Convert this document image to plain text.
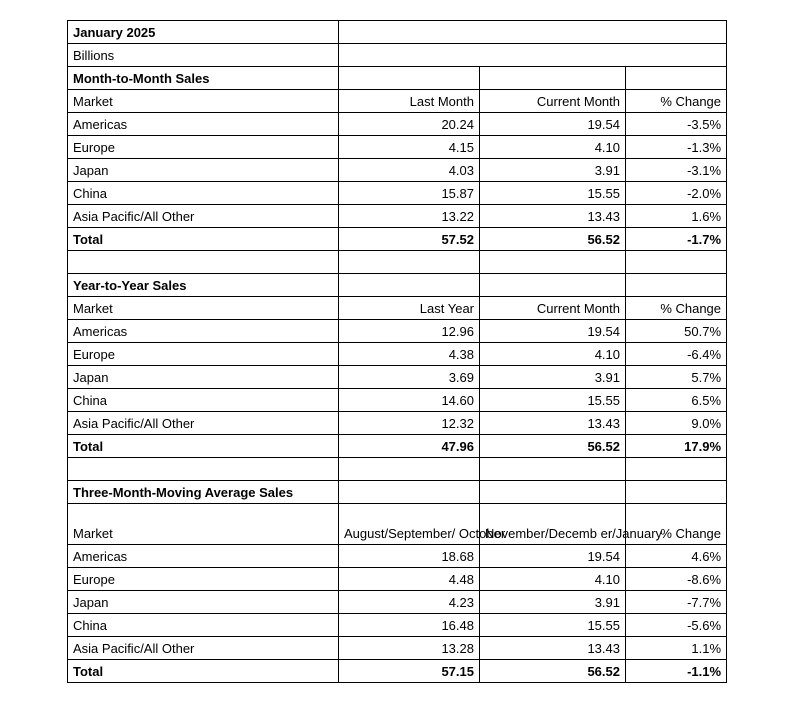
January 2025			
Billions			
Month-to-Month Sales			
Market	Last Month	Current Month	% Change
Americas	20.24	19.54	-3.5%
Europe	4.15	4.10	-1.3%
Japan	4.03	3.91	-3.1%
China	15.87	15.55	-2.0%
Asia Pacific/All Other	13.22	13.43	1.6%
Total	57.52	56.52	-1.7%

Year-to-Year Sales			
Market	Last Year	Current Month	% Change
Americas	12.96	19.54	50.7%
Europe	4.38	4.10	-6.4%
Japan	3.69	3.91	5.7%
China	14.60	15.55	6.5%
Asia Pacific/All Other	12.32	13.43	9.0%
Total	47.96	56.52	17.9%

Three-Month-Moving Average Sales			
Market	August/September/ October	November/Decemb er/January	% Change
Americas	18.68	19.54	4.6%
Europe	4.48	4.10	-8.6%
Japan	4.23	3.91	-7.7%
China	16.48	15.55	-5.6%
Asia Pacific/All Other	13.28	13.43	1.1%
Total	57.15	56.52	-1.1%
